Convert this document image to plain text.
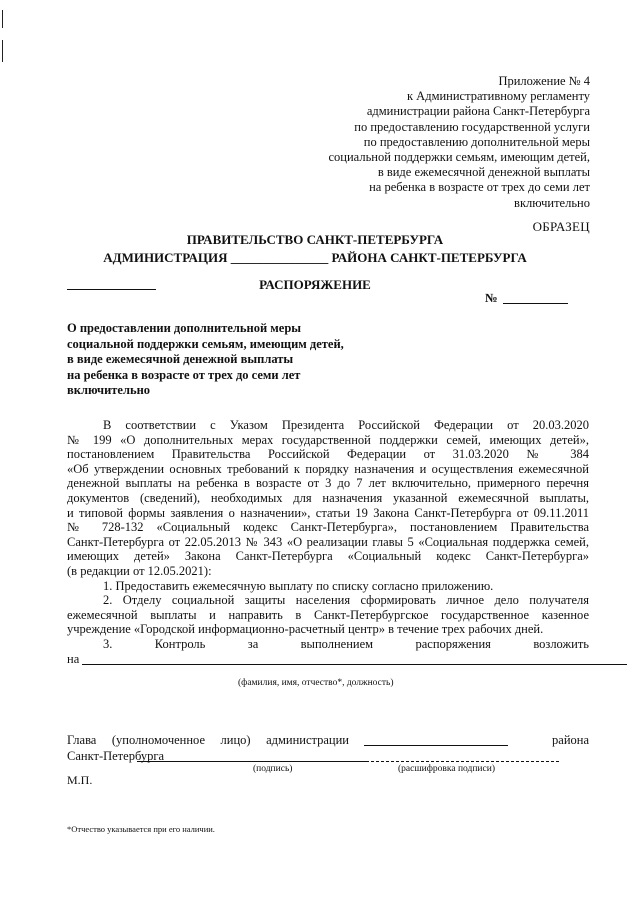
Приложение № 4
к Административному регламенту
администрации района Санкт-Петербурга
по предоставлению государственной услуги
по предоставлению дополнительной меры
социальной поддержки семьям, имеющим детей,
в виде ежемесячной денежной выплаты
на ребенка в возрасте от трех до семи лет
включительно
ОБРАЗЕЦ
ПРАВИТЕЛЬСТВО САНКТ-ПЕТЕРБУРГА
АДМИНИСТРАЦИЯ _______________ РАЙОНА САНКТ-ПЕТЕРБУРГА
РАСПОРЯЖЕНИЕ
№
О предоставлении дополнительной меры
социальной поддержки семьям, имеющим детей,
в виде ежемесячной денежной выплаты
на ребенка в возрасте от трех до семи лет
включительно
В соответствии с Указом Президента Российской Федерации от 20.03.2020
№ 199 «О дополнительных мерах государственной поддержки семей, имеющих детей»,
постановлением Правительства Российской Федерации от 31.03.2020 № 384
«Об утверждении основных требований к порядку назначения и осуществления ежемесячной
денежной выплаты на ребенка в возрасте от 3 до 7 лет включительно, примерного перечня
документов (сведений), необходимых для назначения указанной ежемесячной выплаты,
и типовой формы заявления о назначении», статьи 19 Закона Санкт-Петербурга от 09.11.2011
№ 728-132 «Социальный кодекс Санкт-Петербурга», постановлением Правительства
Санкт-Петербурга от 22.05.2013 № 343 «О реализации главы 5 «Социальная поддержка семей,
имеющих детей» Закона Санкт-Петербурга «Социальный кодекс Санкт-Петербурга»
(в редакции от 12.05.2021):
1. Предоставить ежемесячную выплату по списку согласно приложению.
2. Отделу социальной защиты населения сформировать личное дело получателя
ежемесячной выплаты и направить в Санкт-Петербургское государственное казенное
учреждение «Городской информационно-расчетный центр» в течение трех рабочих дней.
3. Контроль за выполнением распоряжения возложить
на
(фамилия, имя, отчество*, должность)
Глава (уполномоченное лицо) администрации	района
Санкт-Петербурга
(подпись)	(расшифровка подписи)
М.П.
*Отчество указывается при его наличии.
